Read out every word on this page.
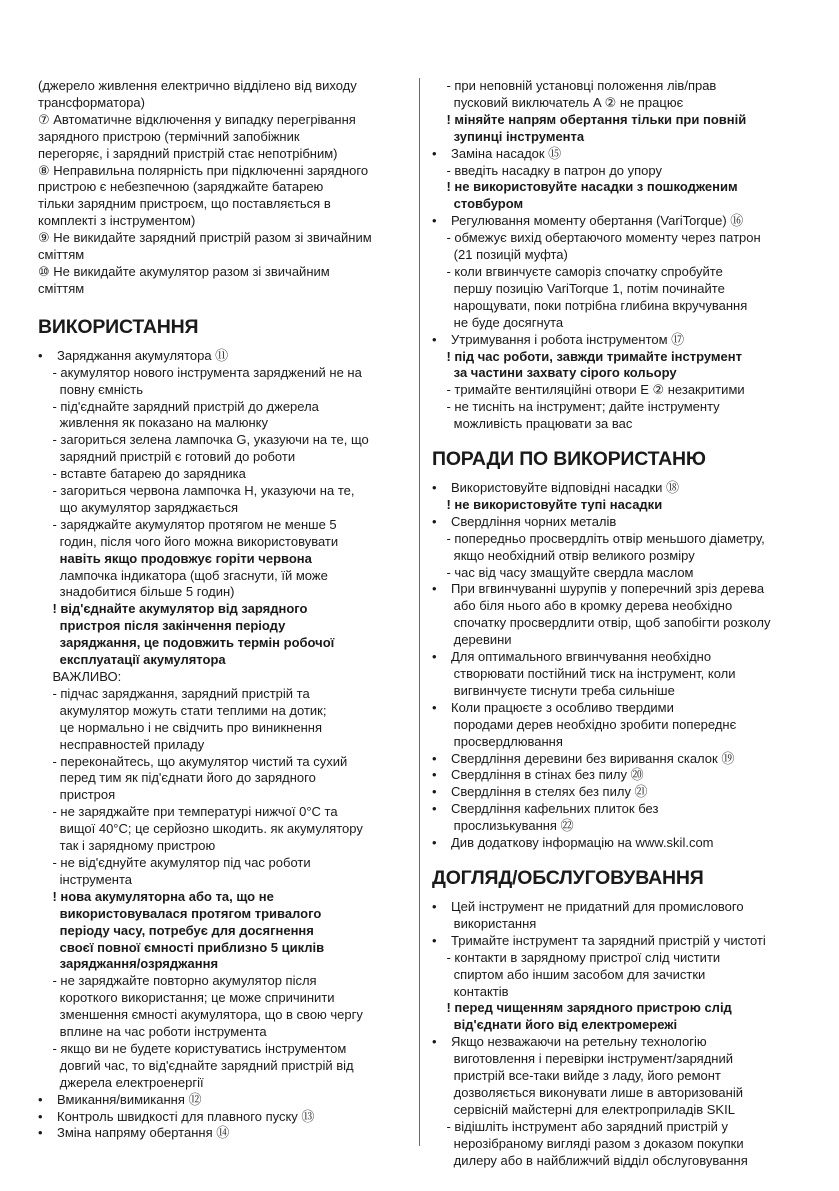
(джерело живлення електрично відділено від виходу
трансформатора)
⑦ Автоматичне відключення у випадку перегрівання
зарядного пристрою (термічний запобіжник
перегоряє, і зарядний пристрій стає непотрібним)
⑧ Неправильна полярність при підключенні зарядного
пристрою є небезпечною (заряджайте батарею
тільки зарядним пристроєм, що поставляється в
комплекті з інструментом)
⑨ Не викидайте зарядний пристрій разом зі звичайним
сміттям
⑩ Не викидайте акумулятор разом зі звичайним
сміттям
ВИКОРИСТАННЯ
•    Заряджання акумулятора ⑪
- акумулятор нового інструмента заряджений не на
повну ємність
- під'єднайте зарядний пристрій до джерела
живлення як показано на малюнку
- загориться зелена лампочка G, указуючи на те, що
зарядний пристрій є готовий до роботи
- вставте батарею до зарядника
- загориться червона лампочка H, указуючи на те,
що акумулятор заряджається
- заряджайте акумулятор протягом не менше 5
годин, після чого його можна використовувати
навіть якщо продовжує горіти червона
лампочка індикатора (щоб згаснути, їй може
знадобитися більше 5 годин)
! від'єднайте акумулятор від зарядного
пристроя після закінчення періоду
заряджання, це подовжить термін робочої
експлуатації акумулятора
ВАЖЛИВО:
- підчас заряджання, зарядний пристрій та
акумулятор можуть стати теплими на дотик;
це нормально і не свідчить про виникнення
несправностей приладу
- переконайтесь, що акумулятор чиcтий та сухий
перед тим як під'єднати його до зарядного
пристроя
- не заряджайте при температурі нижчої 0°C та
вищої 40°C; це серйозно шкодить. як акумулятору
так і зарядному пристрою
- не від'єднуйте акумулятор під час роботи
інструмента
! нова акумуляторна або та, що не
використовувалася протягом тривалого
періоду часу, потребує для досягнення
своєї повної ємності приблизно 5 циклів
заряджання/озряджання
- не заряджайте повторно акумулятор після
короткого використання; це може спричинити
зменшення ємності акумулятора, що в свою чергу
вплине на час роботи інструмента
- якщо ви не будете користуватись інструментом
довгий час, то від'єднайте зарядний пристрій від
джерела електроенергії
•    Вмикання/вимикання ⑫
•    Контроль швидкості для плавного пуску ⑬
•    Зміна напряму обертання ⑭
- при неповній установці положення лів/прав
пусковий виключатель A ② не працює
! міняйте напрям обертання тільки при повній
зупинці інструмента
•    Заміна насадок ⑮
- введіть насадку в патрон до упору
! не використовуйте насадки з пошкодженим
стовбуром
•    Регулювання моменту обертання (VariTorque) ⑯
- обмежує вихід обертаючого моменту через патрон
(21 позицій муфта)
- коли вгвинчуєте саморіз спочатку спробуйте
першу позицію VariTorque 1, потім починайте
нарощувати, поки потрібна глибина вкручування
не буде досягнута
•    Утримування і робота інструментом ⑰
! під час роботи, завжди тримайте інструмент
за частини захвату сірого кольору
- тримайте вентиляційні отвори E ② незакритими
- не тисніть на інструмент; дайте інструменту
можливість працювати за вас
ПОРАДИ ПО ВИКОРИСТАНЮ
•    Використовуйте відповідні насадки ⑱
! не використовуйте тупі насадки
•    Свердління чорних металів
- попередньо просвердліть отвір меньшого діаметру,
якщо необхідний отвір великого розміру
- час від часу змащуйте свердла маслом
•    При вгвинчуванні шурупів у поперечний зріз дерева
або біля нього або в кромку дерева необхідно
спочатку просвердлити отвір, щоб запобігти розколу
деревини
•    Для оптимального вгвинчування необхідно
створювати постійний тиск на інструмент, коли
вигвинчуєте тиснути треба сильніше
•    Коли працюєте з особливо твердими
породами дерев необхідно зробити попереднє
просвердлювання
•    Свердління деревини без виривання скалок ⑲
•    Свердління в стінах без пилу ⑳
•    Свердління в стелях без пилу ㉑
•    Свердління кафельних плиток без
прослизькування ㉒
•    Див додаткову інформацію на www.skil.com
ДОГЛЯД/ОБСЛУГОВУВАННЯ
•    Цей інструмент не придатний для промислового
використання
•    Тримайте інструмент та зарядний пристрій у чистоті
- контакти в зарядному пристрої слід чистити
спиртом або іншим засобом для зачистки
контактів
! перед чищенням зарядного пристрою слід
від'єднати його від електромережі
•    Якщо незважаючи на ретельну технологію
виготовлення і перевірки інструмент/зарядний
пристрій все-таки вийде з ладу, його ремонт
дозволяється виконувати лише в авторизованій
сервісній майстерні для електроприладів SKIL
- відішліть інструмент або зарядний пристрій у
нерозібраному вигляді разом з доказом покупки
дилеру або в найближчий відділ обслуговування
